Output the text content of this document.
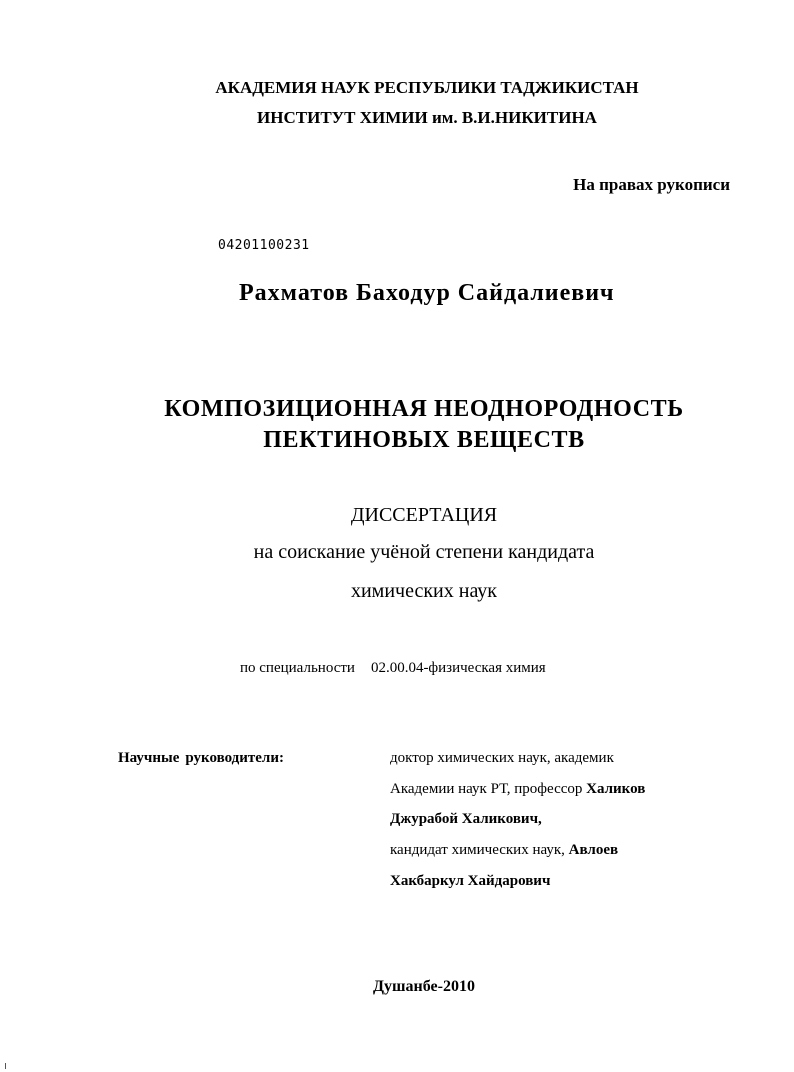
АКАДЕМИЯ НАУК РЕСПУБЛИКИ ТАДЖИКИСТАН
ИНСТИТУТ ХИМИИ им. В.И.НИКИТИНА
На правах рукописи
04201100231
Рахматов Баходур Сайдалиевич
КОМПОЗИЦИОННАЯ НЕОДНОРОДНОСТЬ
ПЕКТИНОВЫХ ВЕЩЕСТВ
ДИССЕРТАЦИЯ
на соискание учёной степени кандидата
химических наук
по специальности 02.00.04-физическая химия
Научные руководители:	доктор химических наук, академик
Академии наук РТ, профессор Халиков
Джурабой Халикович,
кандидат химических наук, Авлоев
Хакбаркул Хайдарович
Душанбе-2010
